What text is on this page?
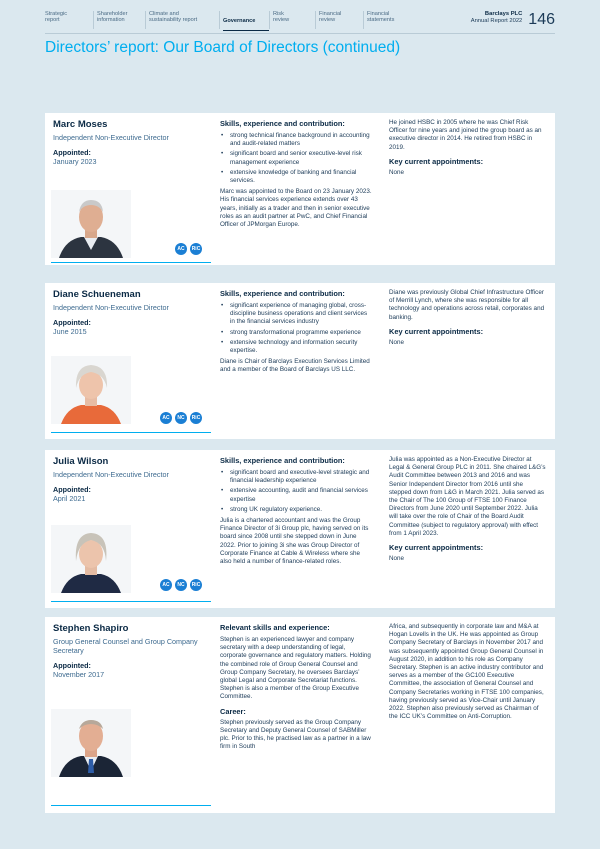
Strategic
report
Shareholder
information
Climate and
sustainability report	Governance
Risk
review
Financial
review
Financial
statements
Barclays PLC
Annual Report 2022 146
Directors’ report: Our Board of Directors (continued)
Marc Moses
Independent Non-Executive Director
Appointed:
January 2023
AC	RiC
Skills, experience and contribution:
• strong technical finance background in accounting and audit-related matters
• significant board and senior executive-level risk management experience
• extensive knowledge of banking and financial services.

Marc was appointed to the Board on 23 January 2023. His financial services experience extends over 43 years, initially as a trader and then in senior executive roles as an audit partner at PwC, and Chief Financial Officer of JPMorgan Europe.

He joined HSBC in 2005 where he was Chief Risk Officer for nine years and joined the group board as an executive director in 2014. He retired from HSBC in 2019.

Key current appointments:
None
Diane Schueneman
Independent Non-Executive Director
Appointed:
June 2015
AC	NC	RiC
Skills, experience and contribution:
• significant experience of managing global, cross-discipline business operations and client services in the financial services industry
• strong transformational programme experience
• extensive technology and information security expertise.

Diane is Chair of Barclays Execution Services Limited and a member of the Board of Barclays US LLC.

Diane was previously Global Chief Infrastructure Officer of Merrill Lynch, where she was responsible for all technology and operations across retail, corporates and banking.

Key current appointments:
None
Julia Wilson
Independent Non-Executive Director
Appointed:
April 2021
AC	NC	RiC
Skills, experience and contribution:
• significant board and executive-level strategic and financial leadership experience
• extensive accounting, audit and financial services expertise
• strong UK regulatory experience.

Julia is a chartered accountant and was the Group Finance Director of 3i Group plc, having served on its board since 2008 until she stepped down in June 2022. Prior to joining 3i she was Group Director of Corporate Finance at Cable & Wireless where she also held a number of finance-related roles.

Julia was appointed as a Non-Executive Director at Legal & General Group PLC in 2011. She chaired L&G’s Audit Committee between 2013 and 2016 and was Senior Independent Director from 2016 until she stepped down from L&G in March 2021. Julia served as the Chair of The 100 Group of FTSE 100 Finance Directors from June 2020 until September 2022. Julia will take over the role of Chair of the Board Audit Committee (subject to regulatory approval) with effect from 1 April 2023.

Key current appointments:
None
Stephen Shapiro
Group General Counsel and Group Company Secretary
Appointed:
November 2017
Relevant skills and experience:

Stephen is an experienced lawyer and company secretary with a deep understanding of legal, corporate governance and regulatory matters. Holding the combined role of Group General Counsel and Group Company Secretary, he oversees Barclays’ global Legal and Corporate Secretariat functions. Stephen is also a member of the Group Executive Committee.

Career:

Stephen previously served as the Group Company Secretary and Deputy General Counsel of SABMiller plc. Prior to this, he practised law as a partner in a law firm in South

Africa, and subsequently in corporate law and M&A at Hogan Lovells in the UK. He was appointed as Group Company Secretary of Barclays in November 2017 and was subsequently appointed Group General Counsel in August 2020, in addition to his role as Company Secretary. Stephen is an active industry contributor and serves as a member of the GC100 Executive Committee, the association of General Counsel and Company Secretaries working in FTSE 100 companies, having previously served as Vice-Chair until January 2022. Stephen also previously served as Chairman of the ICC UK’s Committee on Anti-Corruption.
